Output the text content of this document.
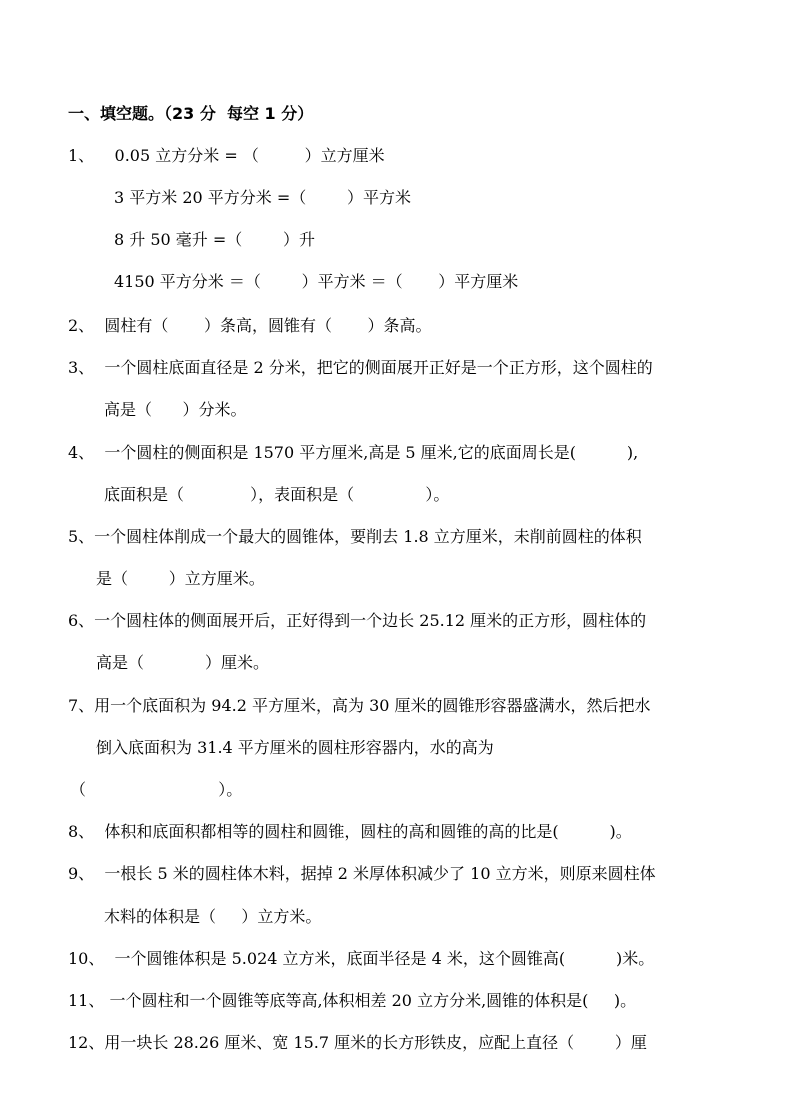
一、填空题。（23 分  每空 1 分）
1、    0.05 立方分米 = （         ）立方厘米
3 平方米 20 平方分米 =（        ）平方米
8 升 50 毫升 =（        ）升
4150 平方分米 ＝（        ）平方米 ＝（       ）平方厘米
2、  圆柱有（       ）条高，圆锥有（       ）条高。
3、  一个圆柱底面直径是 2 分米，把它的侧面展开正好是一个正方形，这个圆柱的
高是（      ）分米。
4、  一个圆柱的侧面积是 1570 平方厘米,高是 5 厘米,它的底面周长是(          ),
底面积是（             ），表面积是（              ）。
5、一个圆柱体削成一个最大的圆锥体，要削去 1.8 立方厘米，未削前圆柱的体积
是（        ）立方厘米。
6、一个圆柱体的侧面展开后，正好得到一个边长 25.12 厘米的正方形，圆柱体的
高是（            ）厘米。
7、用一个底面积为 94.2 平方厘米，高为 30 厘米的圆锥形容器盛满水，然后把水
倒入底面积为 31.4 平方厘米的圆柱形容器内，水的高为
（                          ）。
8、  体积和底面积都相等的圆柱和圆锥，圆柱的高和圆锥的高的比是(          )。
9、  一根长 5 米的圆柱体木料，据掉 2 米厚体积减少了 10 立方米，则原来圆柱体
木料的体积是（     ）立方米。
10、  一个圆锥体积是 5.024 立方米，底面半径是 4 米，这个圆锥高(          )米。
11、 一个圆柱和一个圆锥等底等高,体积相差 20 立方分米,圆锥的体积是(     )。
12、用一块长 28.26 厘米、宽 15.7 厘米的长方形铁皮，应配上直径（        ）厘
